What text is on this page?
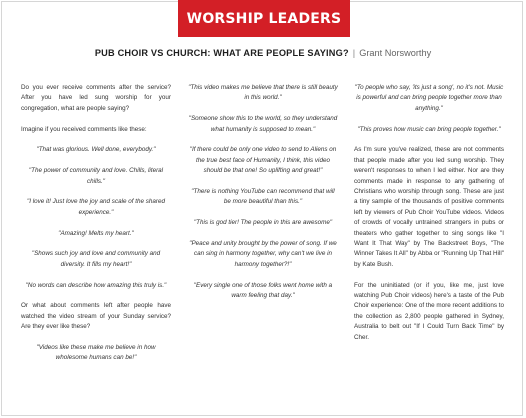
WORSHIP LEADERS
PUB CHOIR VS CHURCH: WHAT ARE PEOPLE SAYING? | Grant Norsworthy

Do you ever receive comments after the service? After you have led sung worship for your congregation, what are people saying?

Imagine if you received comments like these:

"That was glorious. Well done, everybody."

"The power of community and love. Chills, literal chills."

"I love it! Just love the joy and scale of the shared experience."

"Amazing! Melts my heart."

"Shows such joy and love and community and diversity. It fills my heart!"

"No words can describe how amazing this truly is."

Or what about comments left after people have watched the video stream of your Sunday service? Are they ever like these?

"Videos like these make me believe in how wholesome humans can be!"

"This video makes me believe that there is still beauty in this world."

"Someone show this to the world, so they understand what humanity is supposed to mean."

"If there could be only one video to send to Aliens on the true best face of Humanity, I think, this video should be that one! So uplifting and great!"

"There is nothing YouTube can recommend that will be more beautiful than this."

"This is god tier! The people in this are awesome"

"Peace and unity brought by the power of song. If we can sing in harmony together, why can't we live in harmony together?!"

"Every single one of those folks went home with a warm feeling that day."

"To people who say, 'its just a song', no it's not. Music is powerful and can bring people together more than anything."

"This proves how music can bring people together."

As I'm sure you've realized, these are not comments that people made after you led sung worship. They weren't responses to when I led either. Nor are they comments made in response to any gathering of Christians who worship through song. These are just a tiny sample of the thousands of positive comments left by viewers of Pub Choir YouTube videos. Videos of crowds of vocally untrained strangers in pubs or theaters who gather together to sing songs like "I Want It That Way" by The Backstreet Boys, "The Winner Takes It All" by Abba or "Running Up That Hill" by Kate Bush.

For the uninitiated (or if you, like me, just love watching Pub Choir videos) here's a taste of the Pub Choir experience: One of the more recent additions to the collection as 2,800 people gathered in Sydney, Australia to belt out "If I Could Turn Back Time" by Cher.
